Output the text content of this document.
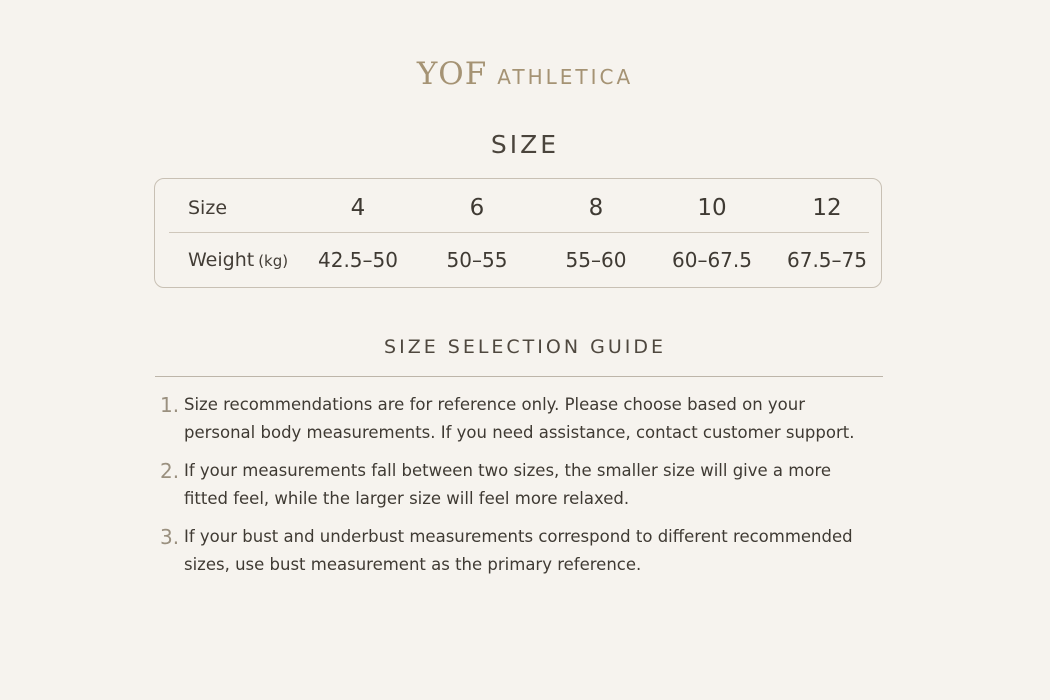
YOF ATHLETICA
SIZE
Size	4	6	8	10	12
Weight (kg)	42.5–50	50–55	55–60	60–67.5	67.5–75
SIZE SELECTION GUIDE
1. Size recommendations are for reference only. Please choose based on your personal body measurements. If you need assistance, contact customer support.
2. If your measurements fall between two sizes, the smaller size will give a more fitted feel, while the larger size will feel more relaxed.
3. If your bust and underbust measurements correspond to different recommended sizes, use bust measurement as the primary reference.
